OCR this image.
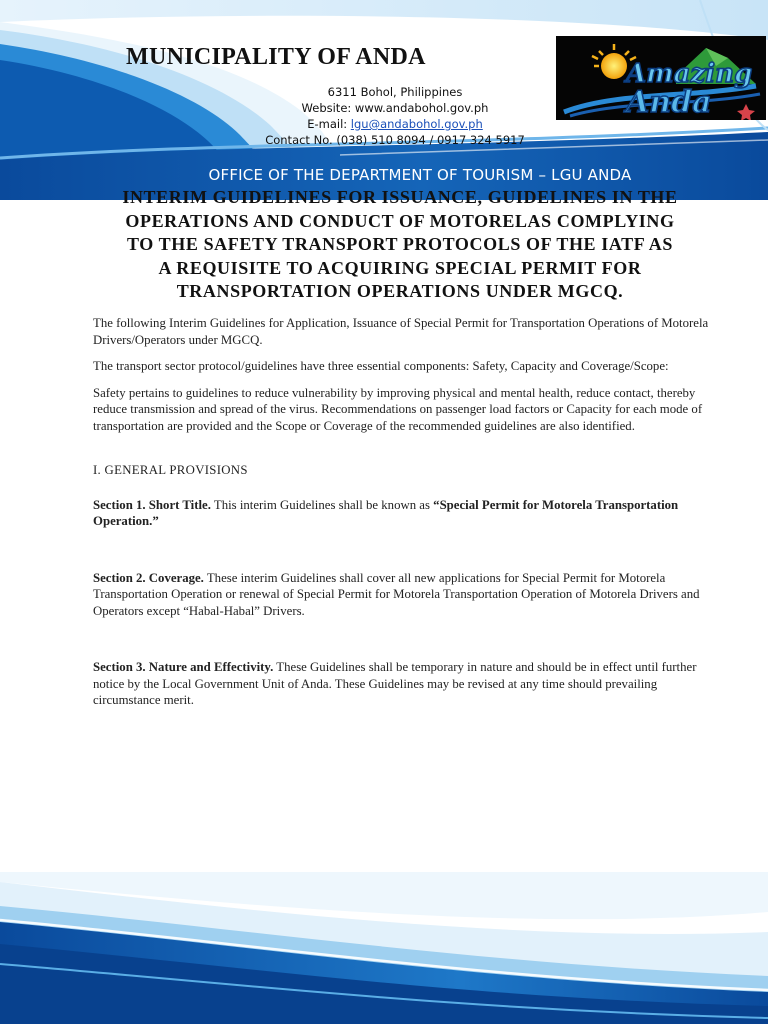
MUNICIPALITY OF ANDA
6311 Bohol, Philippines
Website: www.andabohol.gov.ph
E-mail: lgu@andabohol.gov.ph
Contact No. (038) 510 8094 / 0917 324 5917
Amazing
Anda
OFFICE OF THE DEPARTMENT OF TOURISM – LGU ANDA
INTERIM GUIDELINES FOR ISSUANCE, GUIDELINES IN THE
OPERATIONS AND CONDUCT OF MOTORELAS COMPLYING
TO THE SAFETY TRANSPORT PROTOCOLS OF THE IATF AS
A REQUISITE TO ACQUIRING SPECIAL PERMIT FOR
TRANSPORTATION OPERATIONS UNDER MGCQ.

The following Interim Guidelines for Application, Issuance of Special Permit for Transportation Operations of Motorela Drivers/Operators under MGCQ.

The transport sector protocol/guidelines have three essential components: Safety, Capacity and Coverage/Scope:

Safety pertains to guidelines to reduce vulnerability by improving physical and mental health, reduce contact, thereby reduce transmission and spread of the virus. Recommendations on passenger load factors or Capacity for each mode of transportation are provided and the Scope or Coverage of the recommended guidelines are also identified.

I. GENERAL PROVISIONS

Section 1. Short Title. This interim Guidelines shall be known as “Special Permit for Motorela Transportation Operation.”

Section 2. Coverage. These interim Guidelines shall cover all new applications for Special Permit for Motorela Transportation Operation or renewal of Special Permit for Motorela Transportation Operation of Motorela Drivers and Operators except “Habal-Habal” Drivers.

Section 3. Nature and Effectivity. These Guidelines shall be temporary in nature and should be in effect until further notice by the Local Government Unit of Anda. These Guidelines may be revised at any time should prevailing circumstance merit.
